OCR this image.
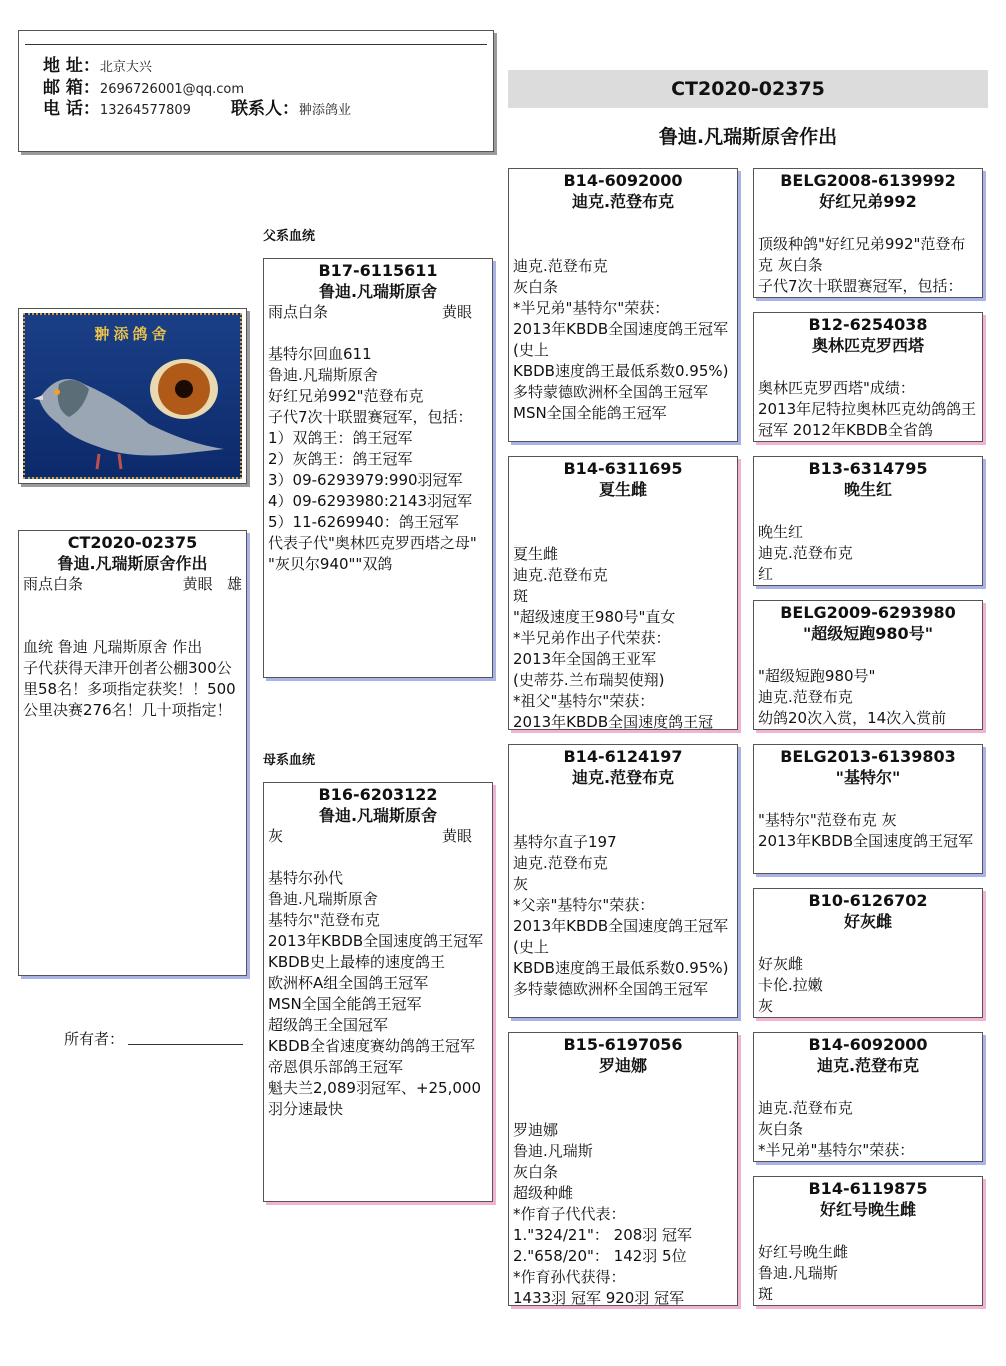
地 址：北京大兴
邮 箱：2696726001@qq.com
电 话：13264577809 联系人：翀添鸽业
CT2020-02375
鲁迪.凡瑞斯原舍作出
翀添鸽舍
CT2020-02375
鲁迪.凡瑞斯原舍作出
雨点白条	黄眼 雄
血统 鲁迪 凡瑞斯原舍 作出
子代获得天津开创者公棚300公里58名！多项指定获奖！！500公里决赛276名！几十项指定！
所有者：
父系血统
母系血统
B17-6115611
鲁迪.凡瑞斯原舍
雨点白条	黄眼
基特尔回血611
鲁迪.凡瑞斯原舍
好红兄弟992"范登布克
子代7次十联盟赛冠军，包括：
1）双鸽王：鸽王冠军
2）灰鸽王：鸽王冠军
3）09-6293979:990羽冠军
4）09-6293980:2143羽冠军
5）11-6269940：鸽王冠军
代表子代"奥林匹克罗西塔之母"
"灰贝尔940""双鸽
B16-6203122
鲁迪.凡瑞斯原舍
灰	黄眼
基特尔孙代
鲁迪.凡瑞斯原舍
基特尔"范登布克
2013年KBDB全国速度鸽王冠军
KBDB史上最棒的速度鸽王
欧洲杯A组全国鸽王冠军
MSN全国全能鸽王冠军
超级鸽王全国冠军
KBDB全省速度赛幼鸽鸽王冠军
帝恩俱乐部鸽王冠军
魁夫兰2,089羽冠军、+25,000羽分速最快
B14-6092000
迪克.范登布克
迪克.范登布克
灰白条
*半兄弟"基特尔"荣获：
2013年KBDB全国速度鸽王冠军(史上
KBDB速度鸽王最低系数0.95%)
多特蒙德欧洲杯全国鸽王冠军
MSN全国全能鸽王冠军
B14-6311695
夏生雌
夏生雌
迪克.范登布克
斑
"超级速度王980号"直女
*半兄弟作出子代荣获：
2013年全国鸽王亚军
(史蒂芬.兰布瑞契使翔)
*祖父"基特尔"荣获：
2013年KBDB全国速度鸽王冠
B14-6124197
迪克.范登布克
基特尔直子197
迪克.范登布克
灰
*父亲"基特尔"荣获：
2013年KBDB全国速度鸽王冠军(史上
KBDB速度鸽王最低系数0.95%)
多特蒙德欧洲杯全国鸽王冠军
B15-6197056
罗迪娜
罗迪娜
鲁迪.凡瑞斯
灰白条
超级种雌
*作育子代代表：
1."324/21"： 208羽 冠军
2."658/20"： 142羽 5位
*作育孙代获得：
1433羽 冠军 920羽 冠军
BELG2008-6139992
好红兄弟992
顶级种鸽"好红兄弟992"范登布克 灰白条
子代7次十联盟赛冠军，包括：
B12-6254038
奥林匹克罗西塔
奥林匹克罗西塔"成绩：
2013年尼特拉奥林匹克幼鸽鸽王冠军 2012年KBDB全省鸽
B13-6314795
晚生红
晚生红
迪克.范登布克
红
BELG2009-6293980
"超级短跑980号"
"超级短跑980号"
迪克.范登布克
幼鸽20次入赏，14次入赏前
BELG2013-6139803
"基特尔"
"基特尔"范登布克 灰
2013年KBDB全国速度鸽王冠军
B10-6126702
好灰雌
好灰雌
卡伦.拉嫩
灰
B14-6092000
迪克.范登布克
迪克.范登布克
灰白条
*半兄弟"基特尔"荣获：
B14-6119875
好红号晚生雌
好红号晚生雌
鲁迪.凡瑞斯
斑
